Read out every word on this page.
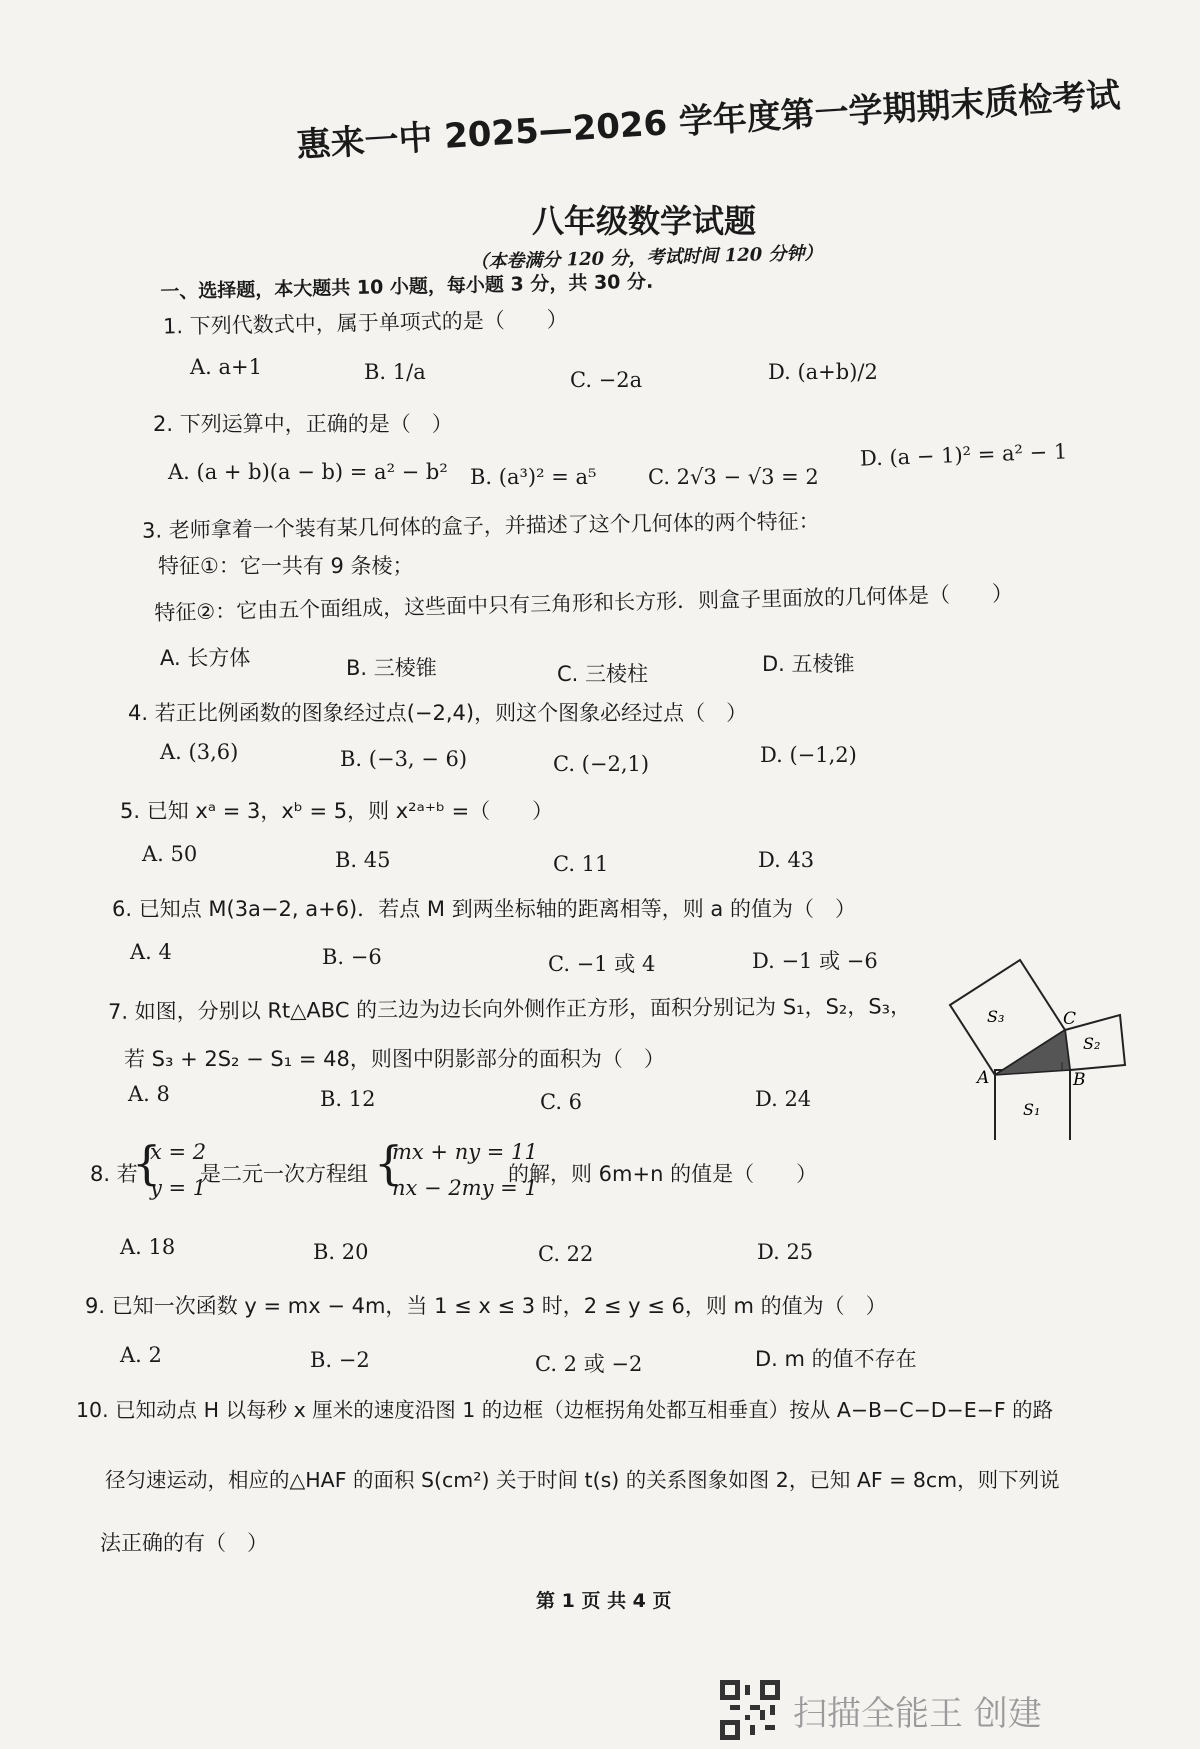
惠来一中 2025—2026 学年度第一学期期末质检考试
八年级数学试题
（本卷满分 120 分，考试时间 120 分钟）
一、选择题，本大题共 10 小题，每小题 3 分，共 30 分.
1. 下列代数式中，属于单项式的是（　　）
A. a+1	B. 1/a	C. −2a	D. (a+b)/2
2. 下列运算中，正确的是（　）
A. (a + b)(a − b) = a² − b² B. (a³)² = a⁵ C. 2√3 − √3 = 2
D. (a − 1)² = a² − 1
3. 老师拿着一个装有某几何体的盒子，并描述了这个几何体的两个特征：
特征①：它一共有 9 条棱；
特征②：它由五个面组成，这些面中只有三角形和长方形．则盒子里面放的几何体是（　　）
A. 长方体	B. 三棱锥	C. 三棱柱	D. 五棱锥
4. 若正比例函数的图象经过点(−2,4)，则这个图象必经过点（　）
A. (3,6)	B. (−3, − 6)	C. (−2,1)	D. (−1,2)
5. 已知 xᵃ = 3，xᵇ = 5，则 x²ᵃ⁺ᵇ =（　　）
A. 50	B. 45	C. 11	D. 43
6. 已知点 M(3a−2, a+6)．若点 M 到两坐标轴的距离相等，则 a 的值为（　）
A. 4	B. −6	C. −1 或 4	D. −1 或 −6
7. 如图，分别以 Rt△ABC 的三边为边长向外侧作正方形，面积分别记为 S₁，S₂，S₃，
若 S₃ + 2S₂ − S₁ = 48，则图中阴影部分的面积为（　）
A. 8	B. 12	C. 6	D. 24
S₃	C
S₂
A	B
S₁
8. 若
{
x = 2
y = 1
是二元一次方程组 {
mx + ny = 11
nx − 2my = 1
的解，则 6m+n 的值是（　　）
A. 18	B. 20	C. 22	D. 25
9. 已知一次函数 y = mx − 4m，当 1 ≤ x ≤ 3 时，2 ≤ y ≤ 6，则 m 的值为（　）
A. 2	B. −2	C. 2 或 −2	D. m 的值不存在
10. 已知动点 H 以每秒 x 厘米的速度沿图 1 的边框（边框拐角处都互相垂直）按从 A−B−C−D−E−F 的路
径匀速运动，相应的△HAF 的面积 S(cm²) 关于时间 t(s) 的关系图象如图 2，已知 AF = 8cm，则下列说
法正确的有（　）
第 1 页 共 4 页
扫描全能王 创建
